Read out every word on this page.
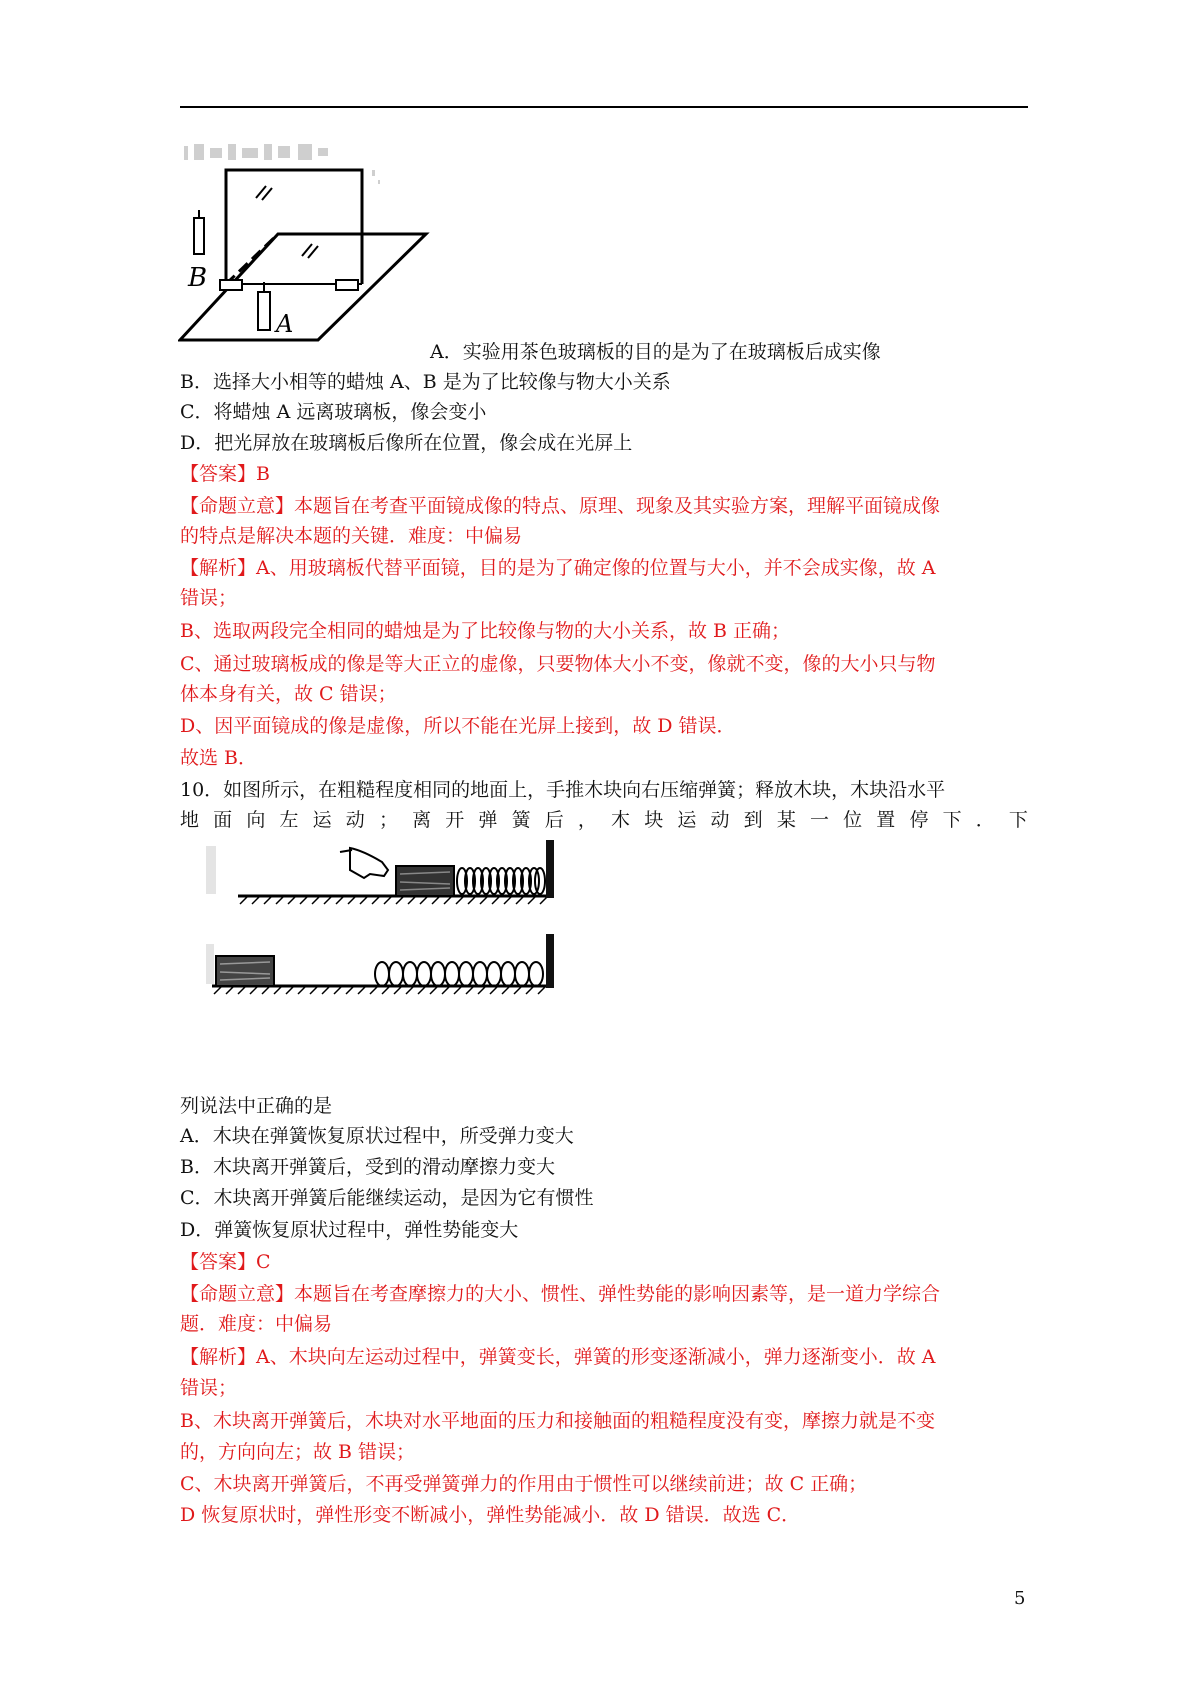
B
A
A．实验用茶色玻璃板的目的是为了在玻璃板后成实像
B．选择大小相等的蜡烛 A、B 是为了比较像与物大小关系
C．将蜡烛 A 远离玻璃板，像会变小
D．把光屏放在玻璃板后像所在位置，像会成在光屏上
【答案】B
【命题立意】本题旨在考查平面镜成像的特点、原理、现象及其实验方案，理解平面镜成像
的特点是解决本题的关键．难度：中偏易
【解析】A、用玻璃板代替平面镜，目的是为了确定像的位置与大小，并不会成实像，故 A
错误；
B、选取两段完全相同的蜡烛是为了比较像与物的大小关系，故 B 正确；
C、通过玻璃板成的像是等大正立的虚像，只要物体大小不变，像就不变，像的大小只与物
体本身有关，故 C 错误；
D、因平面镜成的像是虚像，所以不能在光屏上接到，故 D 错误．
故选 B．
10．如图所示，在粗糙程度相同的地面上，手推木块向右压缩弹簧；释放木块，木块沿水平
地 面 向 左 运 动 ； 离 开 弹 簧 后 ， 木 块 运 动 到 某 一 位 置 停 下 ． 下
列说法中正确的是
A．木块在弹簧恢复原状过程中，所受弹力变大
B．木块离开弹簧后，受到的滑动摩擦力变大
C．木块离开弹簧后能继续运动，是因为它有惯性
D．弹簧恢复原状过程中，弹性势能变大
【答案】C
【命题立意】本题旨在考查摩擦力的大小、惯性、弹性势能的影响因素等，是一道力学综合
题．难度：中偏易
【解析】A、木块向左运动过程中，弹簧变长，弹簧的形变逐渐减小，弹力逐渐变小．故 A
错误；
B、木块离开弹簧后，木块对水平地面的压力和接触面的粗糙程度没有变，摩擦力就是不变
的，方向向左；故 B 错误；
C、木块离开弹簧后，不再受弹簧弹力的作用由于惯性可以继续前进；故 C 正确；
D 恢复原状时，弹性形变不断减小，弹性势能减小．故 D 错误．故选 C．
5
